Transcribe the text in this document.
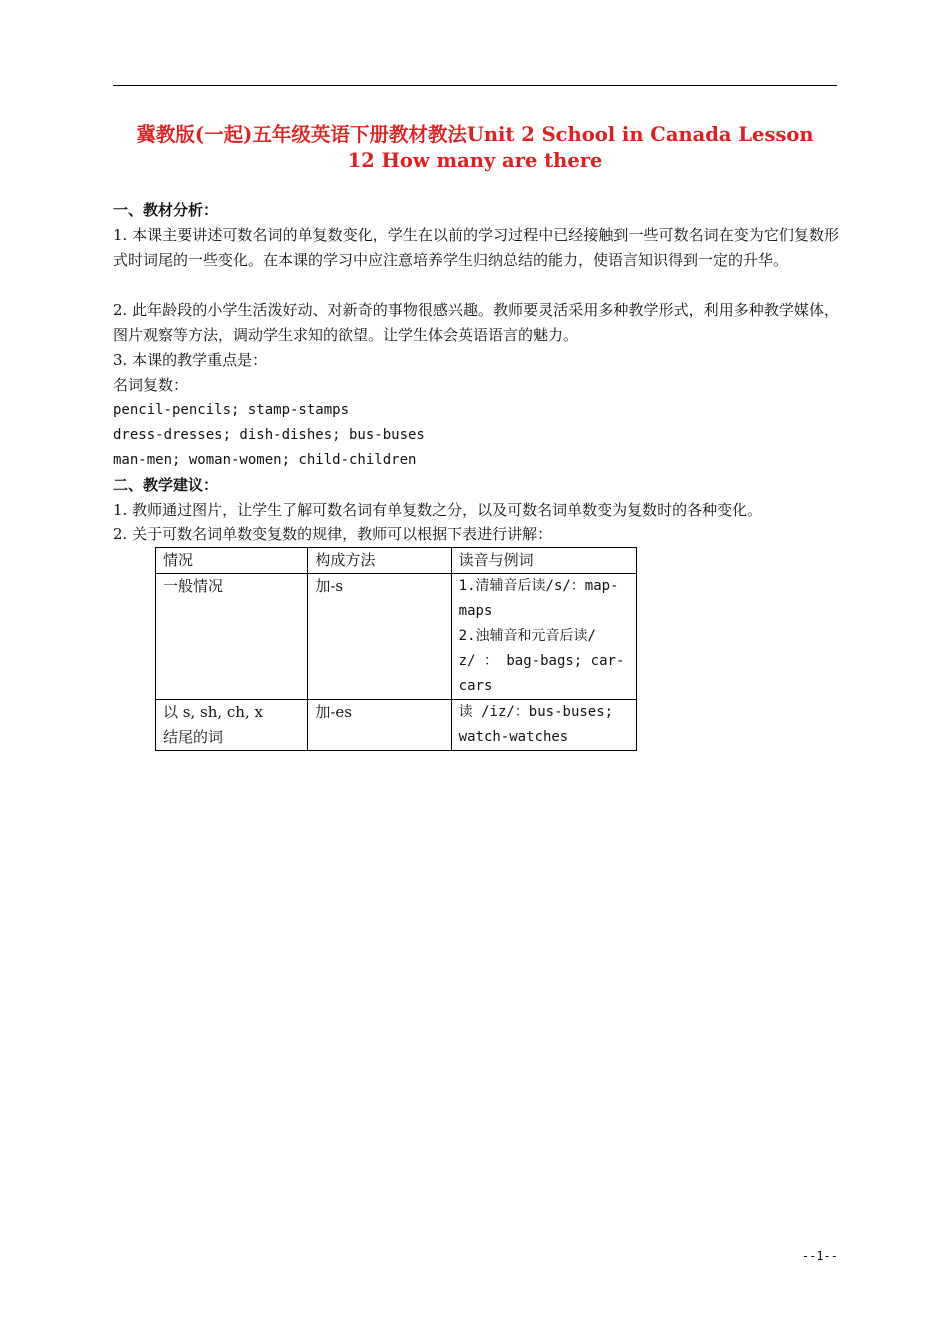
冀教版(一起)五年级英语下册教材教法Unit 2 School in Canada Lesson
12 How many are there
一、教材分析：
1. 本课主要讲述可数名词的单复数变化，学生在以前的学习过程中已经接触到一些可数名词在变为它们复数形式时词尾的一些变化。在本课的学习中应注意培养学生归纳总结的能力，使语言知识得到一定的升华。
2. 此年龄段的小学生活泼好动、对新奇的事物很感兴趣。教师要灵活采用多种教学形式，利用多种教学媒体，图片观察等方法，调动学生求知的欲望。让学生体会英语语言的魅力。
3. 本课的教学重点是：
名词复数：
pencil-pencils; stamp-stamps
dress-dresses; dish-dishes; bus-buses
man-men; woman-women; child-children
二、教学建议：
1. 教师通过图片，让学生了解可数名词有单复数之分，以及可数名词单数变为复数时的各种变化。
2. 关于可数名词单数变复数的规律，教师可以根据下表进行讲解：
情况	构成方法	读音与例词
一般情况	加-s	1.清辅音后读/s/：map-
maps
2.浊辅音和元音后读/
z/ ： bag-bags; car-
cars

以 s, sh, ch, x
结尾的词	加-es	读 /iz/：bus-buses;
watch-watches
--1--
